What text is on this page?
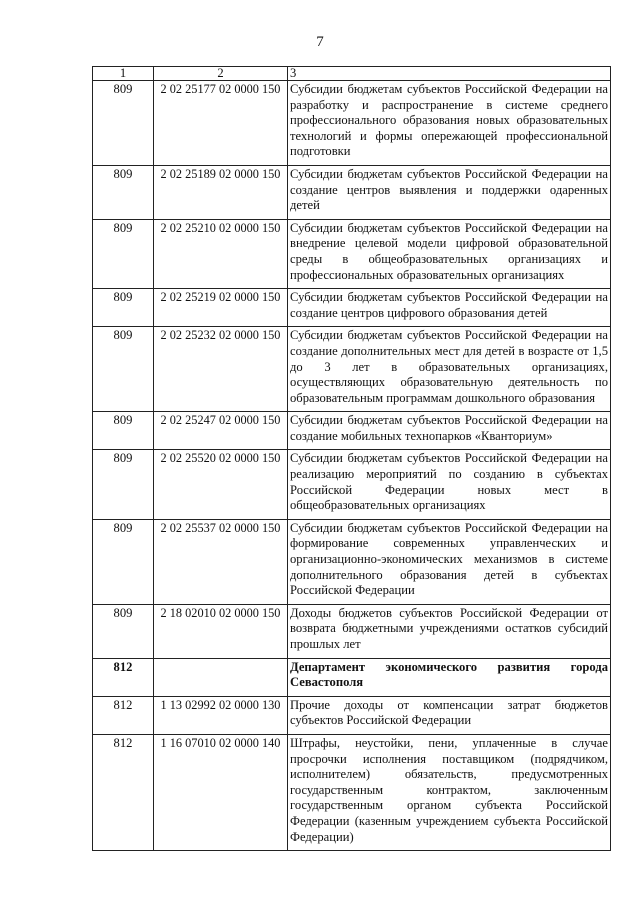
7
1	2	3
809	2 02 25177 02 0000 150	Субсидии бюджетам субъектов Российской Федерации на разработку и распространение в системе среднего профессионального образования новых образовательных технологий и формы опережающей профессиональной подготовки
809	2 02 25189 02 0000 150	Субсидии бюджетам субъектов Российской Федерации на создание центров выявления и поддержки одаренных детей
809	2 02 25210 02 0000 150	Субсидии бюджетам субъектов Российской Федерации на внедрение целевой модели цифровой образовательной среды в общеобразовательных организациях и профессиональных образовательных организациях
809	2 02 25219 02 0000 150	Субсидии бюджетам субъектов Российской Федерации на создание центров цифрового образования детей
809	2 02 25232 02 0000 150	Субсидии бюджетам субъектов Российской Федерации на создание дополнительных мест для детей в возрасте от 1,5 до 3 лет в образовательных организациях, осуществляющих образовательную деятельность по образовательным программам дошкольного образования
809	2 02 25247 02 0000 150	Субсидии бюджетам субъектов Российской Федерации на создание мобильных технопарков «Кванториум»
809	2 02 25520 02 0000 150	Субсидии бюджетам субъектов Российской Федерации на реализацию мероприятий по созданию в субъектах Российской Федерации новых мест в общеобразовательных организациях
809	2 02 25537 02 0000 150	Субсидии бюджетам субъектов Российской Федерации на формирование современных управленческих и организационно-экономических механизмов в системе дополнительного образования детей в субъектах Российской Федерации
809	2 18 02010 02 0000 150	Доходы бюджетов субъектов Российской Федерации от возврата бюджетными учреждениями остатков субсидий прошлых лет
812		Департамент экономического развития города Севастополя
812	1 13 02992 02 0000 130	Прочие доходы от компенсации затрат бюджетов субъектов Российской Федерации
812	1 16 07010 02 0000 140	Штрафы, неустойки, пени, уплаченные в случае просрочки исполнения поставщиком (подрядчиком, исполнителем) обязательств, предусмотренных государственным контрактом, заключенным государственным органом субъекта Российской Федерации (казенным учреждением субъекта Российской Федерации)
